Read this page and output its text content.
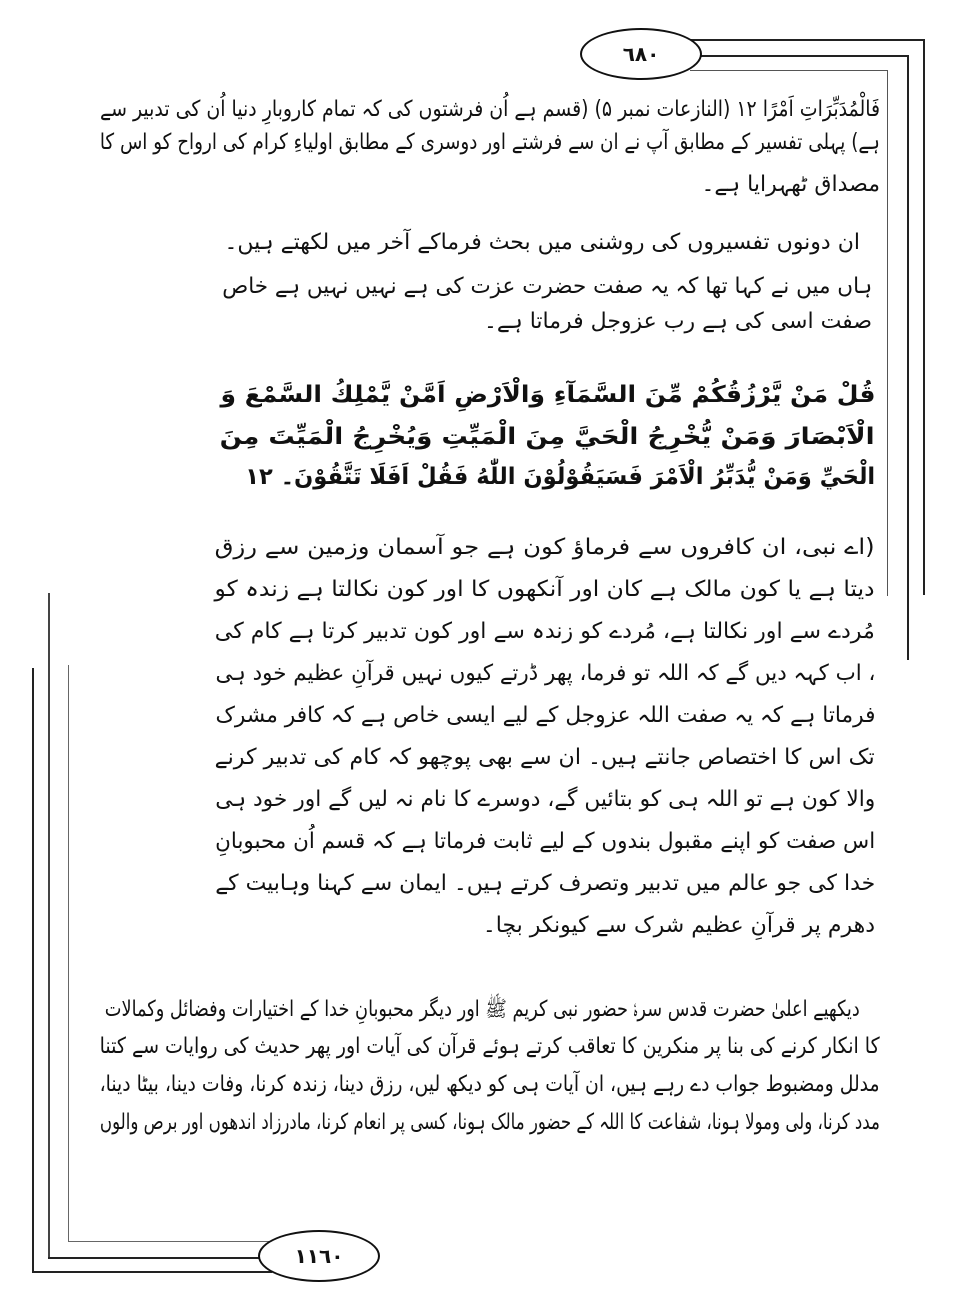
٦٨٠
١١٦٠
فَالْمُدَبِّرَاتِ اَمْرًا ١٢ (النازعات نمبر ۵) (قسم ہے اُن فرشتوں کی کہ تمام کاروبارِ دنیا اُن کی تدبیر سے
ہے) پہلی تفسیر کے مطابق آپ نے ان سے فرشتے اور دوسری کے مطابق اولیاءِ کرام کی ارواح کو اس کا
مصداق ٹھہرایا ہے۔
ان دونوں تفسیروں کی روشنی میں بحث فرماکے آخر میں لکھتے ہیں۔
ہاں میں نے کہا تھا کہ یہ صفت حضرت عزت کی ہے نہیں نہیں ہے خاص
صفت اسی کی ہے رب عزوجل فرماتا ہے۔
قُلْ مَنْ يَّرْزُقُكُمْ مِّنَ السَّمَآءِ وَالْاَرْضِ اَمَّنْ يَّمْلِكُ السَّمْعَ وَ
الْاَبْصَارَ وَمَنْ يُّخْرِجُ الْحَيَّ مِنَ الْمَيِّتِ وَيُخْرِجُ الْمَيِّتَ مِنَ
الْحَيِّ وَمَنْ يُّدَبِّرُ الْاَمْرَ فَسَيَقُوْلُوْنَ اللّٰهُ فَقُلْ اَفَلَا تَتَّقُوْنَ۔ ١٢
(اے نبی، ان کافروں سے فرماؤ کون ہے جو آسمان وزمین سے رزق
دیتا ہے یا کون مالک ہے کان اور آنکھوں کا اور کون نکالتا ہے زندہ کو
مُردے سے اور نکالتا ہے، مُردے کو زندہ سے اور کون تدبیر کرتا ہے کام کی
، اب کہہ دیں گے کہ اللہ تو فرما، پھر ڈرتے کیوں نہیں قرآنِ عظیم خود ہی
فرماتا ہے کہ یہ صفت اللہ عزوجل کے لیے ایسی خاص ہے کہ کافر مشرک
تک اس کا اختصاص جانتے ہیں۔ ان سے بھی پوچھو کہ کام کی تدبیر کرنے
والا کون ہے تو اللہ ہی کو بتائیں گے، دوسرے کا نام نہ لیں گے اور خود ہی
اس صفت کو اپنے مقبول بندوں کے لیے ثابت فرماتا ہے کہ قسم اُن محبوبانِ
خدا کی جو عالم میں تدبیر وتصرف کرتے ہیں۔ ایمان سے کہنا وہابیت کے
دھرم پر قرآنِ عظیم شرک سے کیونکر بچا۔
دیکھیے اعلیٰ حضرت قدس سرہٗ حضور نبی کریم ﷺ اور دیگر محبوبانِ خدا کے اختیارات وفضائل وکمالات
کا انکار کرنے کی بنا پر منکرین کا تعاقب کرتے ہوئے قرآن کی آیات اور پھر حدیث کی روایات سے کتنا
مدلل ومضبوط جواب دے رہے ہیں، ان آیات ہی کو دیکھ لیں، رزق دینا، زندہ کرنا، وفات دینا، بیٹا دینا،
مدد کرنا، ولی ومولا ہونا، شفاعت کا اللہ کے حضور مالک ہونا، کسی پر انعام کرنا، مادرزاد اندھوں اور برص والوں
